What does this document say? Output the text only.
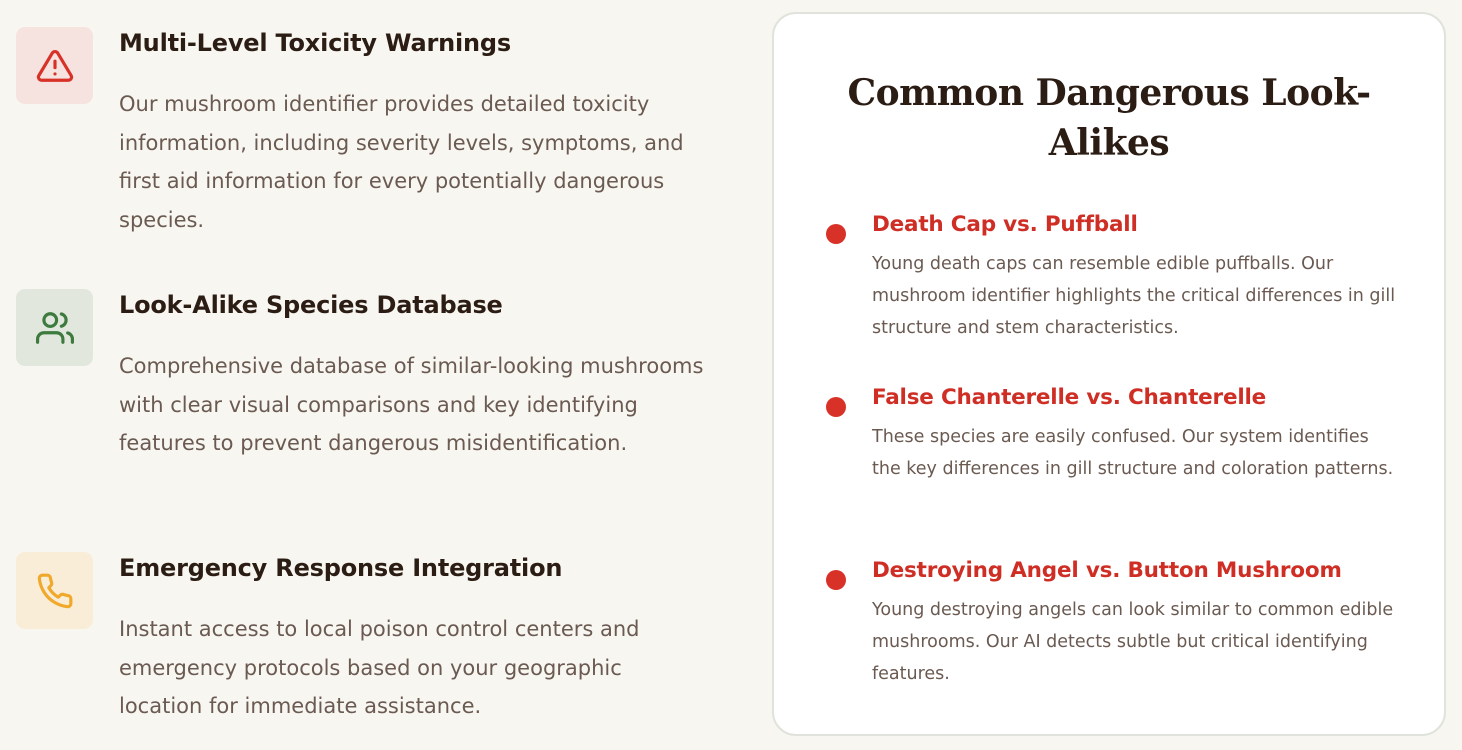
Multi-Level Toxicity Warnings

Our mushroom identifier provides detailed toxicity information, including severity levels, symptoms, and first aid information for every potentially dangerous species.

Look-Alike Species Database

Comprehensive database of similar-looking mushrooms with clear visual comparisons and key identifying features to prevent dangerous misidentification.

Emergency Response Integration

Instant access to local poison control centers and emergency protocols based on your geographic location for immediate assistance.

Common Dangerous Look-Alikes
Death Cap vs. Puffball

Young death caps can resemble edible puffballs. Our mushroom identifier highlights the critical differences in gill structure and stem characteristics.

False Chanterelle vs. Chanterelle

These species are easily confused. Our system identifies the key differences in gill structure and coloration patterns.

Destroying Angel vs. Button Mushroom

Young destroying angels can look similar to common edible mushrooms. Our AI detects subtle but critical identifying features.
